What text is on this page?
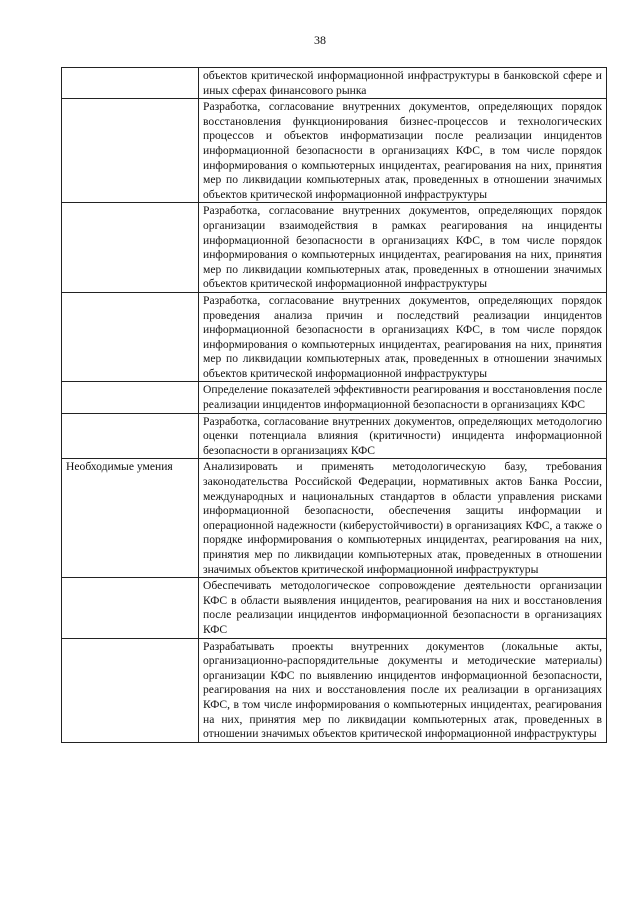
38
	объектов критической информационной инфраструктуры в банковской сфере и иных сферах финансового рынка
	Разработка, согласование внутренних документов, определяющих порядок восстановления функционирования бизнес-процессов и технологических процессов и объектов информатизации после реализации инцидентов информационной безопасности в организациях КФС, в том числе порядок информирования о компьютерных инцидентах, реагирования на них, принятия мер по ликвидации компьютерных атак, проведенных в отношении значимых объектов критической информационной инфраструктуры
	Разработка, согласование внутренних документов, определяющих порядок организации взаимодействия в рамках реагирования на инциденты информационной безопасности в организациях КФС, в том числе порядок информирования о компьютерных инцидентах, реагирования на них, принятия мер по ликвидации компьютерных атак, проведенных в отношении значимых объектов критической информационной инфраструктуры
	Разработка, согласование внутренних документов, определяющих порядок проведения анализа причин и последствий реализации инцидентов информационной безопасности в организациях КФС, в том числе порядок информирования о компьютерных инцидентах, реагирования на них, принятия мер по ликвидации компьютерных атак, проведенных в отношении значимых объектов критической информационной инфраструктуры
	Определение показателей эффективности реагирования и восстановления после реализации инцидентов информационной безопасности в организациях КФС
	Разработка, согласование внутренних документов, определяющих методологию оценки потенциала влияния (критичности) инцидента информационной безопасности в организациях КФС
Необходимые умения	Анализировать и применять методологическую базу, требования законодательства Российской Федерации, нормативных актов Банка России, международных и национальных стандартов в области управления рисками информационной безопасности, обеспечения защиты информации и операционной надежности (киберустойчивости) в организациях КФС, а также о порядке информирования о компьютерных инцидентах, реагирования на них, принятия мер по ликвидации компьютерных атак, проведенных в отношении значимых объектов критической информационной инфраструктуры
	Обеспечивать методологическое сопровождение деятельности организации КФС в области выявления инцидентов, реагирования на них и восстановления после реализации инцидентов информационной безопасности в организациях КФС
	Разрабатывать проекты внутренних документов (локальные акты, организационно-распорядительные документы и методические материалы) организации КФС по выявлению инцидентов информационной безопасности, реагирования на них и восстановления после их реализации в организациях КФС, в том числе информирования о компьютерных инцидентах, реагирования на них, принятия мер по ликвидации компьютерных атак, проведенных в отношении значимых объектов критической информационной инфраструктуры
